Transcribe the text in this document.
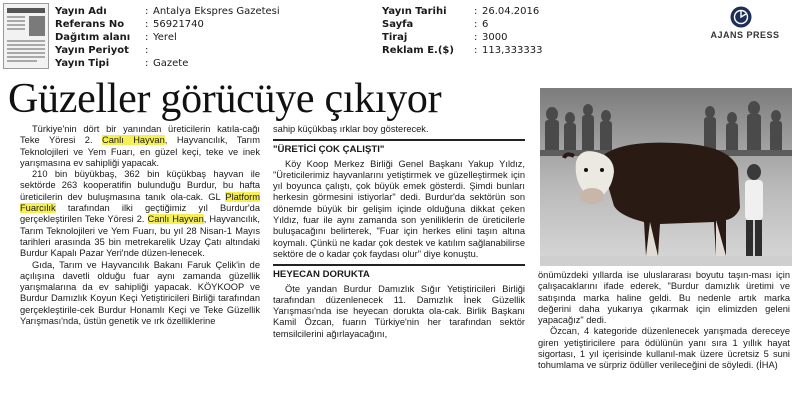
Yayın Adı	: Antalya Ekspres Gazetesi
Referans No : 56921740
Dağıtım alanı : Yerel
Yayın Periyot :
Yayın Tipi	: Gazete
Yayın Tarihi	: 26.04.2016
Sayfa	: 6
Tiraj	: 3000
Reklam E.($) : 113,333333
AJANS PRESS
Güzeller görücüye çıkıyor

Türkiye'nin dört bir yanından üreticilerin katıla-cağı Teke Yöresi 2. Canlı Hayvan, Hayvancılık, Tarım Teknolojileri ve Yem Fuarı, en güzel keçi, teke ve inek yarışmasına ev sahipliği yapacak.

210 bin büyükbaş, 362 bin küçükbaş hayvan ile sektörde 263 kooperatifin bulunduğu Burdur, bu hafta üreticilerin dev buluşmasına tanık ola-cak. GL Platform Fuarcılık tarafından ilki geçtiğimiz yıl Burdur'da gerçekleştirilen Teke Yöresi 2. Canlı Hayvan, Hayvancılık, Tarım Teknolojileri ve Yem Fuarı, bu yıl 28 Nisan-1 Mayıs tarihleri arasında 35 bin metrekarelik Uzay Çatı altındaki Burdur Kapalı Pazar Yeri'nde düzen-lenecek.

Gıda, Tarım ve Hayvancılık Bakanı Faruk Çelik'in de açılışına davetli olduğu fuar aynı zamanda güzellik yarışmalarına da ev sahipliği yapacak. KÖYKOOP ve Burdur Damızlık Koyun Keçi Yetiştiricileri Birliği tarafından gerçekleştirile-cek Burdur Honamlı Keçi ve Teke Güzellik Yarışması'nda, üstün genetik ve ırk özelliklerine

sahip küçükbaş ırklar boy gösterecek.

"ÜRETİCİ ÇOK ÇALIŞTI"

Köy Koop Merkez Birliği Genel Başkanı Yakup Yıldız, "Üreticilerimiz hayvanlarını yetiştirmek ve güzelleştirmek için yıl boyunca çalıştı, çok büyük emek gösterdi. Şimdi bunları herkesin görmesini istiyorlar" dedi. Burdur'da sektörün son dönemde büyük bir gelişim içinde olduğuna dikkat çeken Yıldız, fuar ile aynı zamanda son yeniliklerin de üreticilerle buluşacağını belirterek, "Fuar için herkes elini taşın altına koymalı. Çünkü ne kadar çok destek ve katılım sağlanabilirse sektöre de o kadar çok faydası olur" diye konuştu.

HEYECAN DORUKTA

Öte yandan Burdur Damızlık Sığır Yetiştiricileri Birliği tarafından düzenlenecek 11. Damızlık İnek Güzellik Yarışması'nda ise heyecan dorukta ola-cak. Birlik Başkanı Kamil Özcan, fuarın Türkiye'nin her tarafından sektör temsilcilerini ağırlayacağını,

önümüzdeki yıllarda ise uluslararası boyutu taşın-ması için çalışacaklarını ifade ederek, "Burdur damızlık üretimi ve satışında marka haline geldi. Bu nedenle artık marka değerini daha yukarıya çıkarmak için elimizden geleni yapacağız" dedi.

Özcan, 4 kategoride düzenlenecek yarışmada dereceye giren yetiştiricilere para ödülünün yanı sıra 1 yıllık hayat sigortası, 1 yıl içerisinde kullanıl-mak üzere ücretsiz 5 suni tohumlama ve sürpriz ödüller verileceğini de söyledi. (İHA)
